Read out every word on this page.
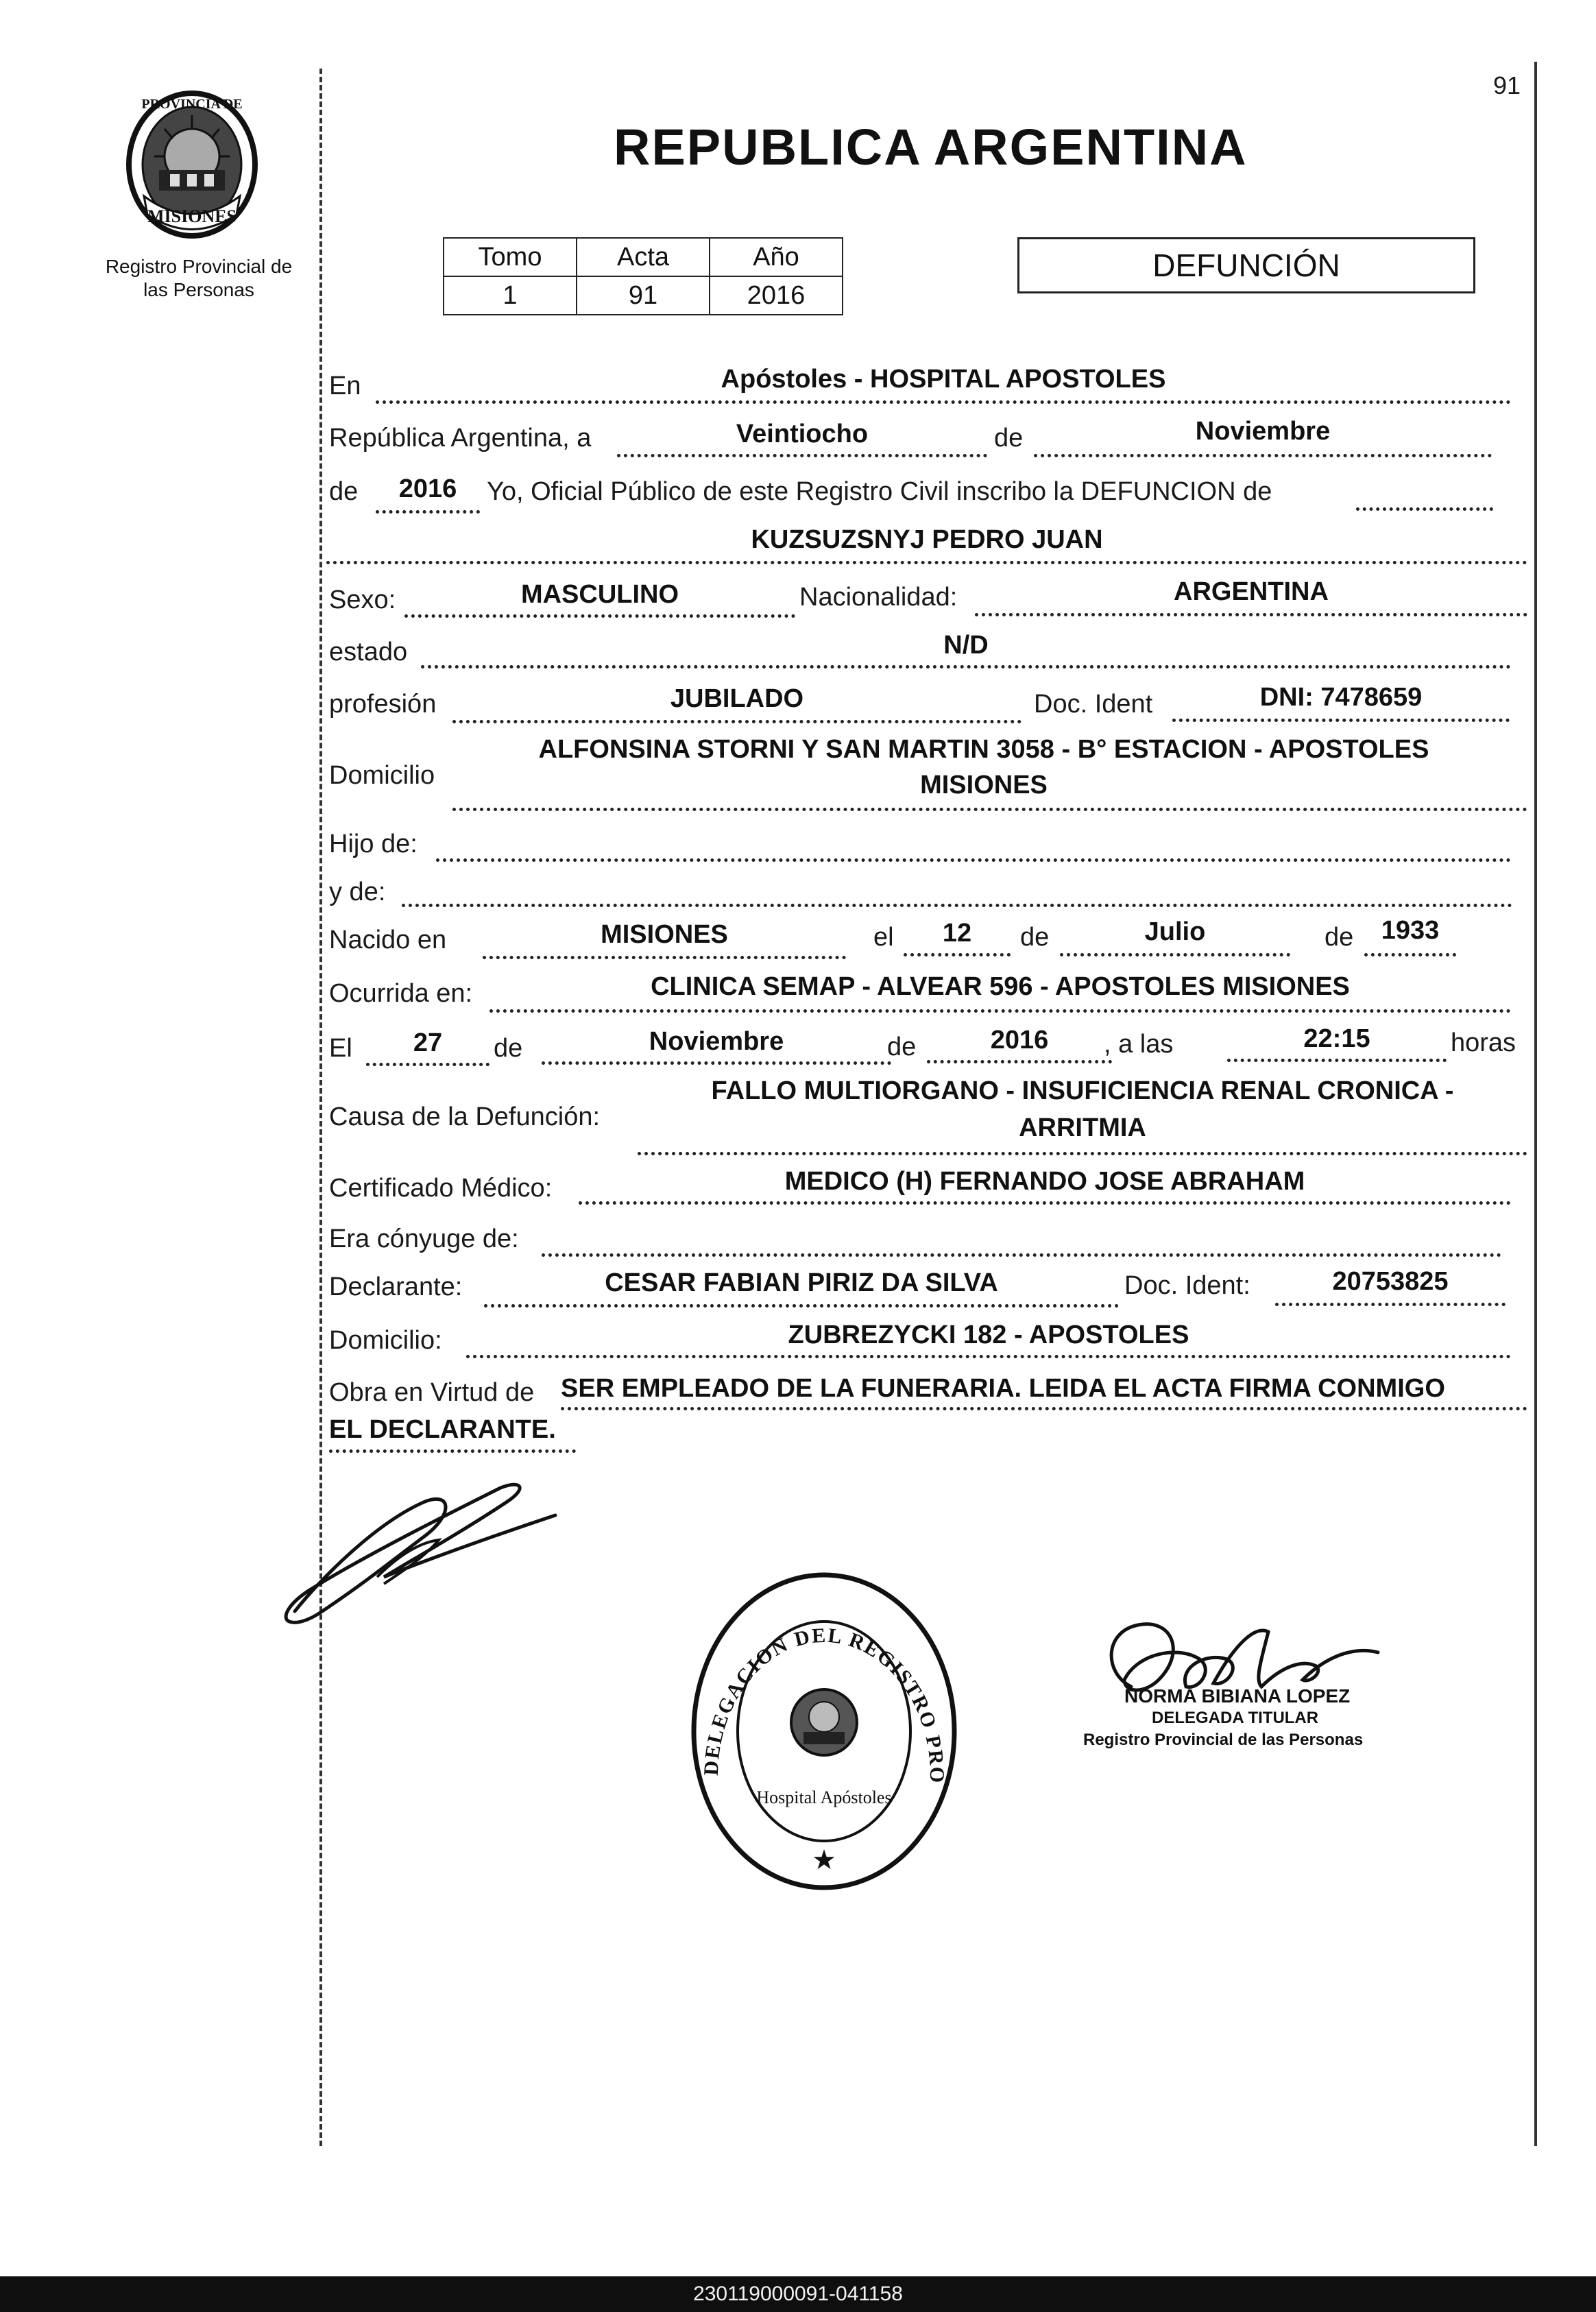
91
MISIONES
PROVINCIA DE
Registro Provincial de
las Personas
REPUBLICA ARGENTINA
Tomo	Acta	Año
1	91	2016
DEFUNCIÓN
En	Apóstoles - HOSPITAL APOSTOLES
República Argentina, a	Veintiocho	de	Noviembre
de	2016	Yo, Oficial Público de este Registro Civil inscribo la DEFUNCION de
KUZSUZSNYJ PEDRO JUAN
Sexo:	MASCULINO	Nacionalidad:	ARGENTINA
estado	N/D
profesión	JUBILADO	Doc. Ident	DNI: 7478659
Domicilio
ALFONSINA STORNI Y SAN MARTIN 3058 - B° ESTACION - APOSTOLES
MISIONES
Hijo de:
y de:
Nacido en	MISIONES	el	12	de	Julio	de	1933
Ocurrida en:	CLINICA SEMAP - ALVEAR 596 - APOSTOLES MISIONES
El	27	de	Noviembre	de	2016	, a las	22:15	horas
Causa de la Defunción:
FALLO MULTIORGANO - INSUFICIENCIA RENAL CRONICA -
ARRITMIA
Certificado Médico:	MEDICO (H) FERNANDO JOSE ABRAHAM
Era cónyuge de:
Declarante:	CESAR FABIAN PIRIZ DA SILVA	Doc. Ident:	20753825
Domicilio:	ZUBREZYCKI 182 - APOSTOLES
Obra en Virtud de SER EMPLEADO DE LA FUNERARIA. LEIDA EL ACTA FIRMA CONMIGO
EL DECLARANTE.
DELEGACION DEL REGISTRO PRO
Hospital Apóstoles
★
NORMA BIBIANA LOPEZ
DELEGADA TITULAR
Registro Provincial de las Personas
230119000091-041158
